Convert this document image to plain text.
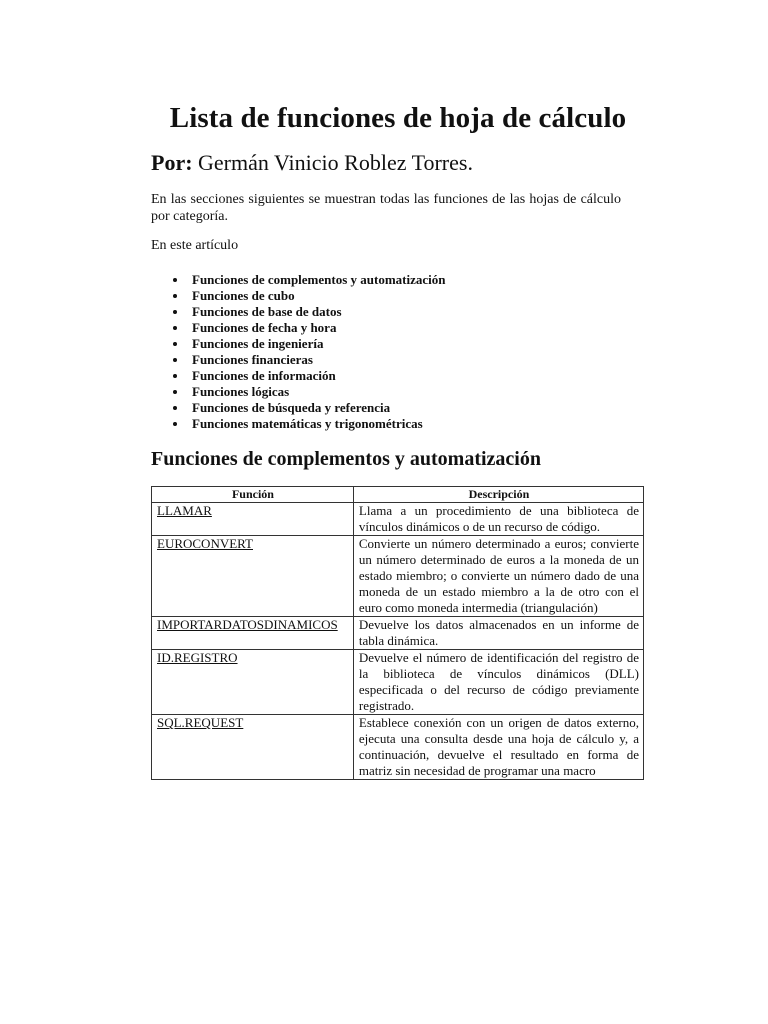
Lista de funciones de hoja de cálculo
Por: Germán Vinicio Roblez Torres.
En las secciones siguientes se muestran todas las funciones de las hojas de cálculo por categoría.
En este artículo
Funciones de complementos y automatización
Funciones de cubo
Funciones de base de datos
Funciones de fecha y hora
Funciones de ingeniería
Funciones financieras
Funciones de información
Funciones lógicas
Funciones de búsqueda y referencia
Funciones matemáticas y trigonométricas
Funciones de complementos y automatización
Función	Descripción
LLAMAR	Llama a un procedimiento de una biblioteca de vínculos dinámicos o de un recurso de código.
EUROCONVERT	Convierte un número determinado a euros; convierte un número determinado de euros a la moneda de un estado miembro; o convierte un número dado de una moneda de un estado miembro a la de otro con el euro como moneda intermedia (triangulación)
IMPORTARDATOSDINAMICOS	Devuelve los datos almacenados en un informe de tabla dinámica.
ID.REGISTRO	Devuelve el número de identificación del registro de la biblioteca de vínculos dinámicos (DLL) especificada o del recurso de código previamente registrado.
SQL.REQUEST	Establece conexión con un origen de datos externo, ejecuta una consulta desde una hoja de cálculo y, a continuación, devuelve el resultado en forma de matriz sin necesidad de programar una macro
